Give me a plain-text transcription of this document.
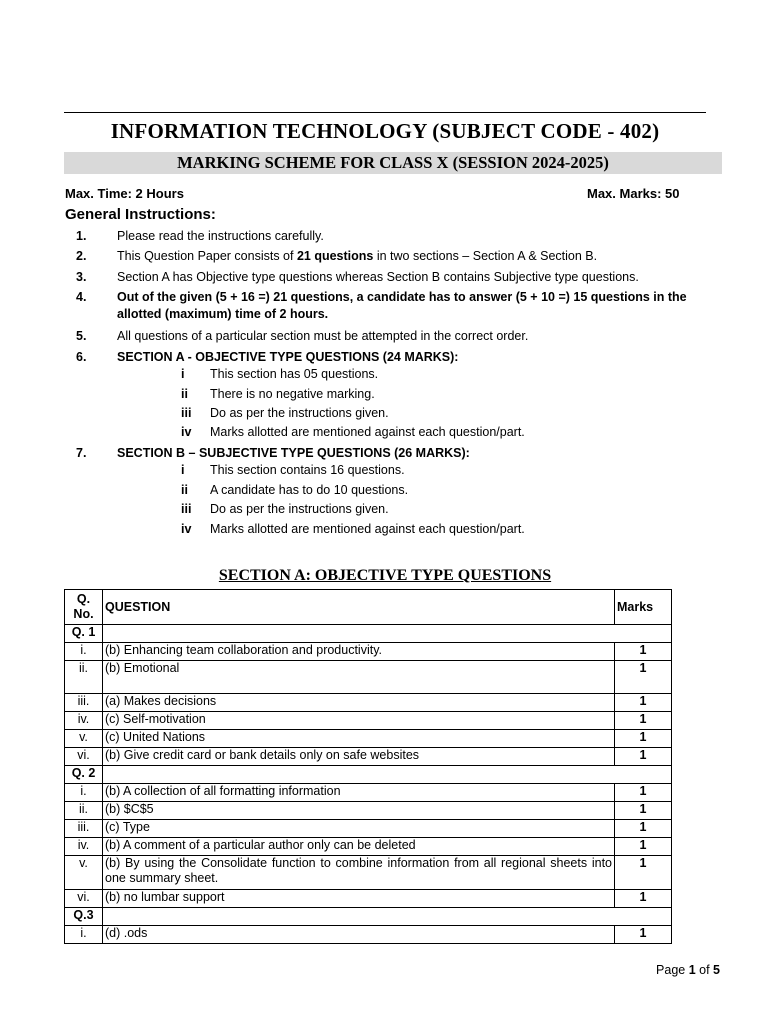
INFORMATION TECHNOLOGY (SUBJECT CODE - 402)
MARKING SCHEME FOR CLASS X (SESSION 2024-2025)
Max. Time: 2 Hours	Max. Marks: 50
General Instructions:
1. Please read the instructions carefully.
2. This Question Paper consists of 21 questions in two sections – Section A & Section B.
3. Section A has Objective type questions whereas Section B contains Subjective type questions.
4. Out of the given (5 + 16 =) 21 questions, a candidate has to answer (5 + 10 =) 15 questions in the allotted (maximum) time of 2 hours.
5. All questions of a particular section must be attempted in the correct order.
6. SECTION A - OBJECTIVE TYPE QUESTIONS (24 MARKS):
i This section has 05 questions.
ii There is no negative marking.
iii Do as per the instructions given.
iv Marks allotted are mentioned against each question/part.
7. SECTION B – SUBJECTIVE TYPE QUESTIONS (26 MARKS):
i This section contains 16 questions.
ii A candidate has to do 10 questions.
iii Do as per the instructions given.
iv Marks allotted are mentioned against each question/part.
SECTION A: OBJECTIVE TYPE QUESTIONS
Q. No.	QUESTION	Marks
Q. 1		
i.	(b) Enhancing team collaboration and productivity.	1
ii.	(b) Emotional	1
iii.	(a) Makes decisions	1
iv.	(c) Self-motivation	1
v.	(c) United Nations	1
vi.	(b) Give credit card or bank details only on safe websites	1
Q. 2		
i.	(b) A collection of all formatting information	1
ii.	(b) $C$5	1
iii.	(c) Type	1
iv.	(b) A comment of a particular author only can be deleted	1
v.	(b) By using the Consolidate function to combine information from all regional sheets into one summary sheet.	1
vi.	(b) no lumbar support	1
Q.3		
i.	(d) .ods	1
Page 1 of 5
